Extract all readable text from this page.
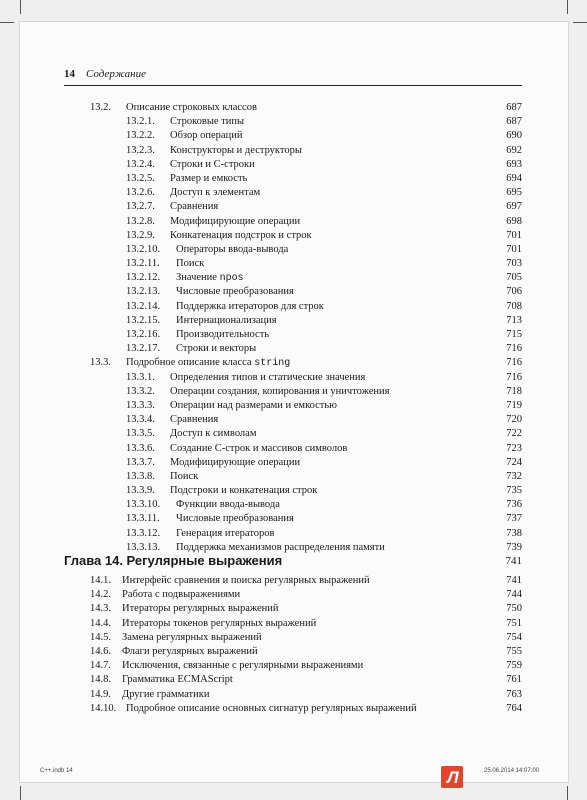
14 Содержание
13.2. Описание строковых классов	687
13.2.1. Строковые типы	687
13.2.2. Обзор операций	690
13.2.3. Конструкторы и деструкторы	692
13.2.4. Строки и С-строки	693
13.2.5. Размер и емкость	694
13.2.6. Доступ к элементам	695
13.2.7. Сравнения	697
13.2.8. Модифицирующие операции	698
13.2.9. Конкатенация подстрок и строк	701
13.2.10. Операторы ввода-вывода	701
13.2.11. Поиск	703
13.2.12. Значение npos	705
13.2.13. Числовые преобразования	706
13.2.14. Поддержка итераторов для строк	708
13.2.15. Интернационализация	713
13.2.16. Производительность	715
13.2.17. Строки и векторы	716
13.3. Подробное описание класса string	716
13.3.1. Определения типов и статические значения	716
13.3.2. Операции создания, копирования и уничтожения	718
13.3.3. Операции над размерами и емкостью	719
13.3.4. Сравнения	720
13.3.5. Доступ к символам	722
13.3.6. Создание С-строк и массивов символов	723
13.3.7. Модифицирующие операции	724
13.3.8. Поиск	732
13.3.9. Подстроки и конкатенация строк	735
13.3.10. Функции ввода-вывода	736
13.3.11. Числовые преобразования	737
13.3.12. Генерация итераторов	738
13.3.13. Поддержка механизмов распределения памяти	739
Глава 14. Регулярные выражения	741
14.1. Интерфейс сравнения и поиска регулярных выражений	741
14.2. Работа с подвыражениями	744
14.3. Итераторы регулярных выражений	750
14.4. Итераторы токенов регулярных выражений	751
14.5. Замена регулярных выражений	754
14.6. Флаги регулярных выражений	755
14.7. Исключения, связанные с регулярными выражениями	759
14.8. Грамматика ECMAScript	761
14.9. Другие грамматики	763
14.10. Подробное описание основных сигнатур регулярных выражений	764
C++.indb 14	Л	25.06.2014 14:07:00
